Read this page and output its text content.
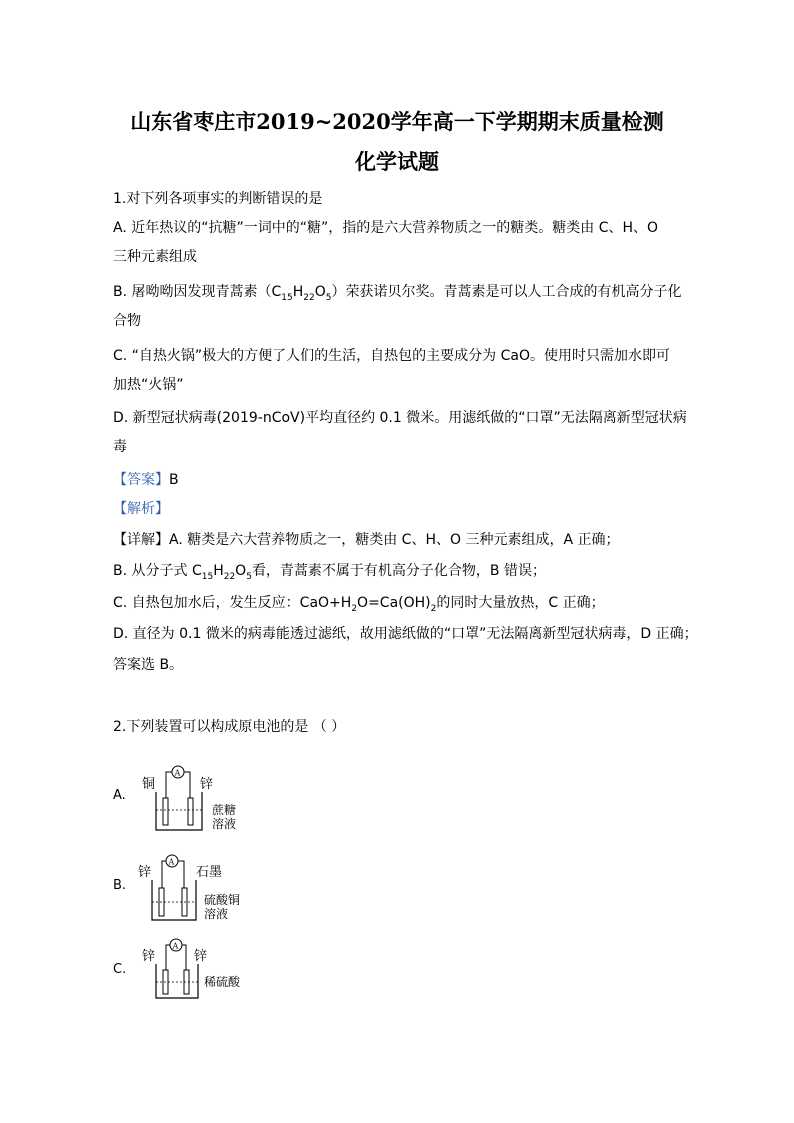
山东省枣庄市2019~2020学年高一下学期期末质量检测
化学试题
1.对下列各项事实的判断错误的是
A. 近年热议的“抗糖”一词中的“糖”，指的是六大营养物质之一的糖类。糖类由 C、H、O
三种元素组成
B. 屠呦呦因发现青蒿素$(C_{15}H_{22}O_5)$荣获诺贝尔奖。青蒿素是可以人工合成的有机高分子化
合物
C. “自热火锅”极大的方便了人们的生活，自热包的主要成分为 CaO。使用时只需加水即可
加热“火锅”
D. 新型冠状病毒(2019-nCoV)平均直径约 0.1 微米。用滤纸做的“口罩”无法隔离新型冠状病
毒
【答案】B
【解析】
【详解】A. 糖类是六大营养物质之一，糖类由 C、H、O 三种元素组成，A 正确；
B. 从分子式 $C_{15}H_{22}O_5$看，青蒿素不属于有机高分子化合物，B 错误；
C. 自热包加水后，发生反应：$CaO+H_2O=Ca(OH)_2$的同时大量放热，C 正确；
D. 直径为 0.1 微米的病毒能透过滤纸，故用滤纸做的“口罩”无法隔离新型冠状病毒，D 正确；
答案选 B。
2.下列装置可以构成原电池的是 （ ）
A.
铜	锌
A
蔗糖
溶液
B.
锌	石墨
A
硫酸铜
溶液
C.
锌	锌
A
稀硫酸
